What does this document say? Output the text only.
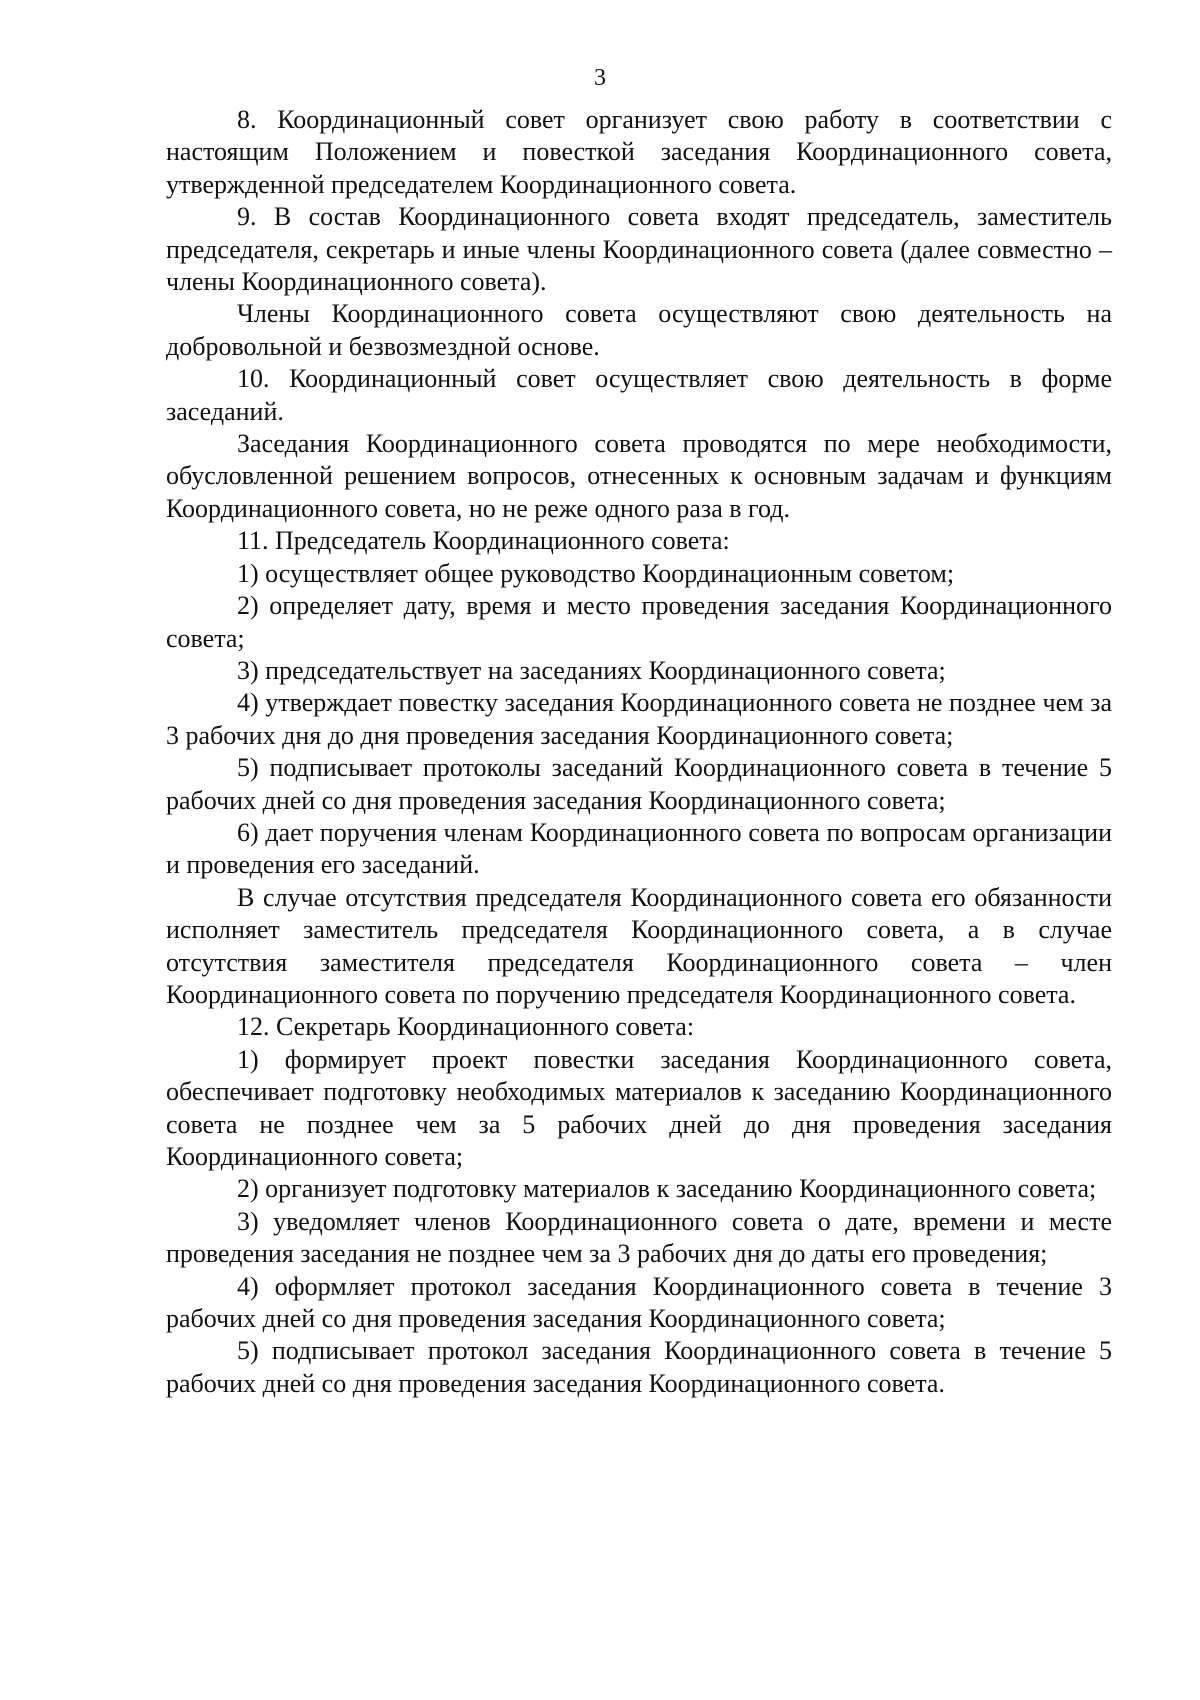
3

8. Координационный совет организует свою работу в соответствии с настоящим Положением и повесткой заседания Координационного совета, утвержденной председателем Координационного совета.

9. В состав Координационного совета входят председатель, заместитель председателя, секретарь и иные члены Координационного совета (далее совместно – члены Координационного совета).

Члены Координационного совета осуществляют свою деятельность на добровольной и безвозмездной основе.

10. Координационный совет осуществляет свою деятельность в форме заседаний.

Заседания Координационного совета проводятся по мере необходимости, обусловленной решением вопросов, отнесенных к основным задачам и функциям Координационного совета, но не реже одного раза в год.

11. Председатель Координационного совета:

1) осуществляет общее руководство Координационным советом;

2) определяет дату, время и место проведения заседания Координационного совета;

3) председательствует на заседаниях Координационного совета;

4) утверждает повестку заседания Координационного совета не позднее чем за 3 рабочих дня до дня проведения заседания Координационного совета;

5) подписывает протоколы заседаний Координационного совета в течение 5 рабочих дней со дня проведения заседания Координационного совета;

6) дает поручения членам Координационного совета по вопросам организации и проведения его заседаний.

В случае отсутствия председателя Координационного совета его обязанности исполняет заместитель председателя Координационного совета, а в случае отсутствия заместителя председателя Координационного совета – член Координационного совета по поручению председателя Координационного совета.

12. Секретарь Координационного совета:

1) формирует проект повестки заседания Координационного совета, обеспечивает подготовку необходимых материалов к заседанию Координационного совета не позднее чем за 5 рабочих дней до дня проведения заседания Координационного совета;

2) организует подготовку материалов к заседанию Координационного совета;

3) уведомляет членов Координационного совета о дате, времени и месте проведения заседания не позднее чем за 3 рабочих дня до даты его проведения;

4) оформляет протокол заседания Координационного совета в течение 3 рабочих дней со дня проведения заседания Координационного совета;

5) подписывает протокол заседания Координационного совета в течение 5 рабочих дней со дня проведения заседания Координационного совета.
